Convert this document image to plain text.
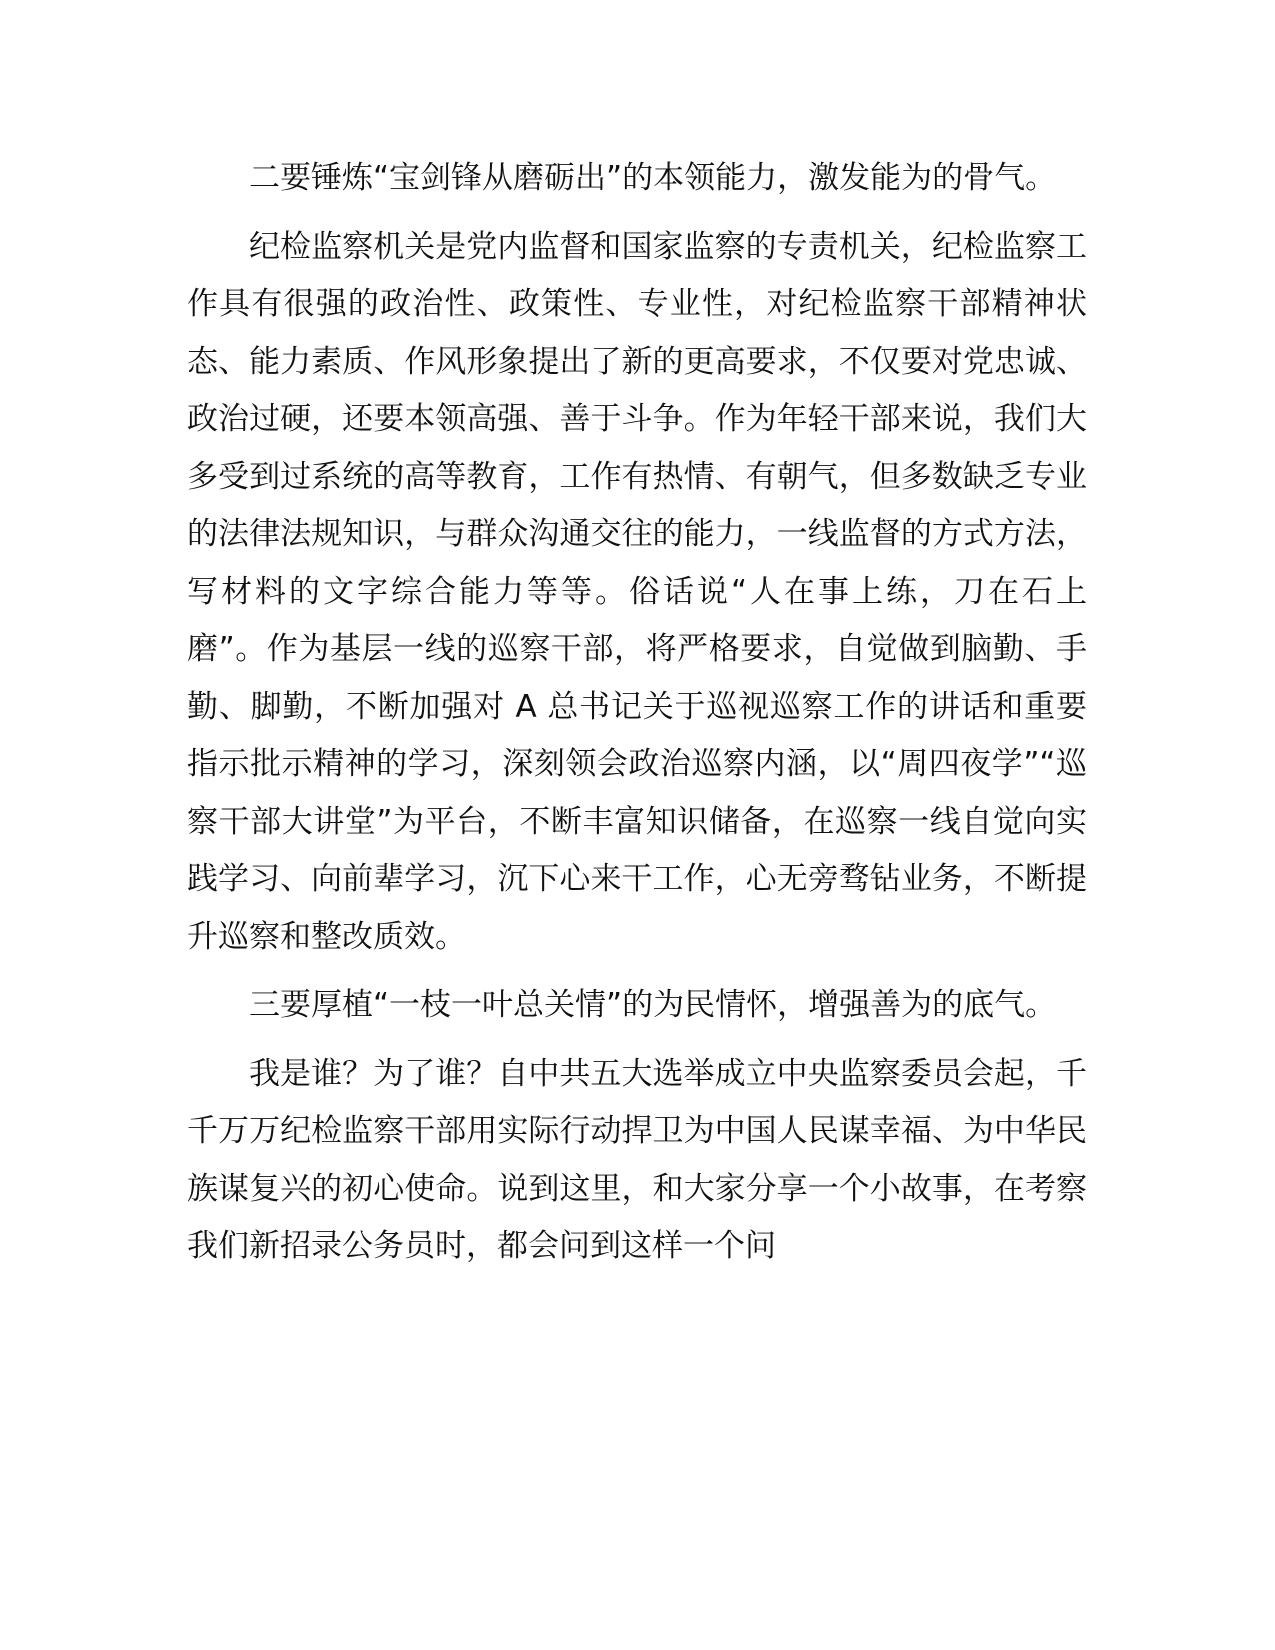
二要锤炼“宝剑锋从磨砺出”的本领能力，激发能为的骨气。

纪检监察机关是党内监督和国家监察的专责机关，纪检监察工作具有很强的政治性、政策性、专业性，对纪检监察干部精神状态、能力素质、作风形象提出了新的更高要求，不仅要对党忠诚、政治过硬，还要本领高强、善于斗争。作为年轻干部来说，我们大多受到过系统的高等教育，工作有热情、有朝气，但多数缺乏专业的法律法规知识，与群众沟通交往的能力，一线监督的方式方法，写材料的文字综合能力等等。俗话说“人在事上练，刀在石上磨”。作为基层一线的巡察干部，将严格要求，自觉做到脑勤、手勤、脚勤，不断加强对 A 总书记关于巡视巡察工作的讲话和重要指示批示精神的学习，深刻领会政治巡察内涵，以“周四夜学”“巡察干部大讲堂”为平台，不断丰富知识储备，在巡察一线自觉向实践学习、向前辈学习，沉下心来干工作，心无旁骛钻业务，不断提升巡察和整改质效。

三要厚植“一枝一叶总关情”的为民情怀，增强善为的底气。

我是谁？为了谁？自中共五大选举成立中央监察委员会起，千千万万纪检监察干部用实际行动捍卫为中国人民谋幸福、为中华民族谋复兴的初心使命。说到这里，和大家分享一个小故事，在考察我们新招录公务员时，都会问到这样一个问
